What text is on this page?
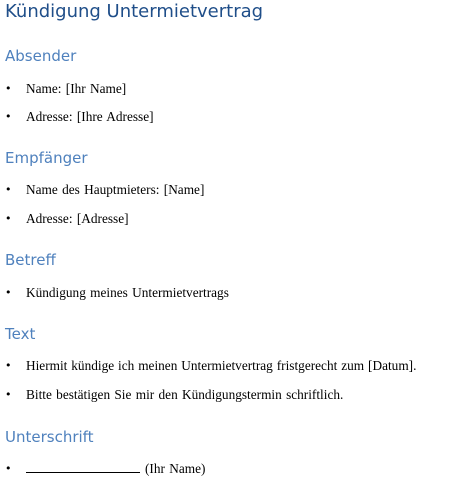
Kündigung Untermietvertrag
Absender
• Name: [Ihr Name]
• Adresse: [Ihre Adresse]
Empfänger
• Name des Hauptmieters: [Name]
• Adresse: [Adresse]
Betreff
• Kündigung meines Untermietvertrags
Text
• Hiermit kündige ich meinen Untermietvertrag fristgerecht zum [Datum].
• Bitte bestätigen Sie mir den Kündigungstermin schriftlich.
Unterschrift
•	(Ihr Name)
